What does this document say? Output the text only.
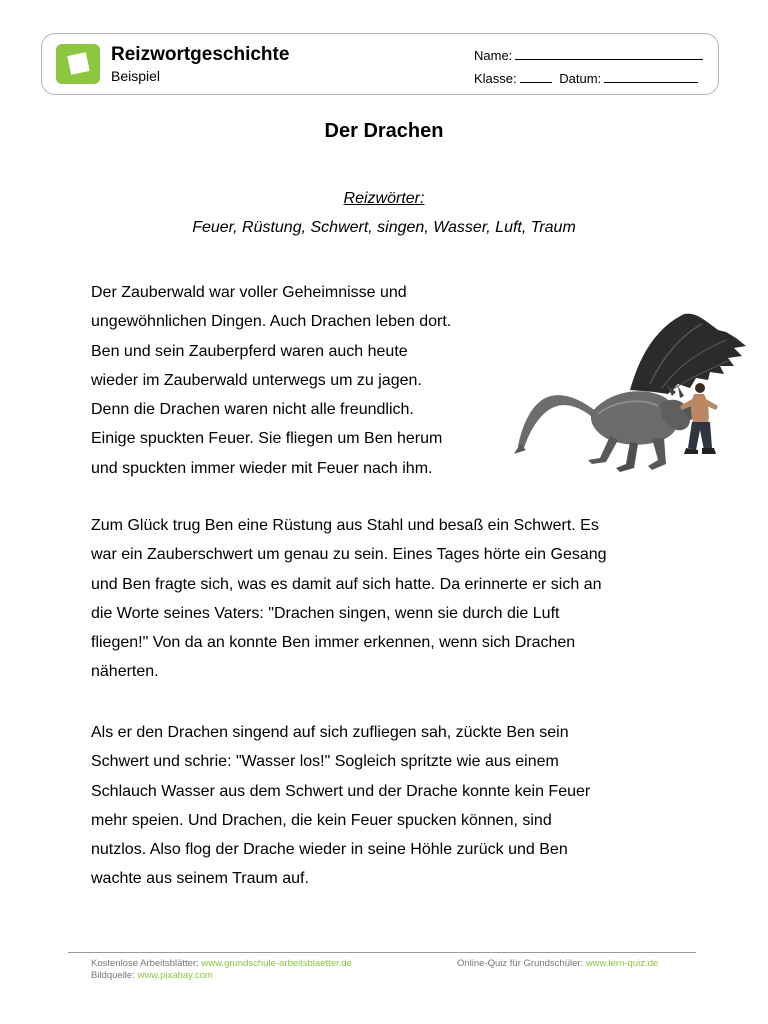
Reizwortgeschichte
Beispiel
Name:
Klasse:	Datum:
Der Drachen
Reizwörter:
Feuer, Rüstung, Schwert, singen, Wasser, Luft, Traum
Der Zauberwald war voller Geheimnisse und
ungewöhnlichen Dingen. Auch Drachen leben dort.
Ben und sein Zauberpferd waren auch heute
wieder im Zauberwald unterwegs um zu jagen.
Denn die Drachen waren nicht alle freundlich.
Einige spuckten Feuer. Sie fliegen um Ben herum
und spuckten immer wieder mit Feuer nach ihm.
Zum Glück trug Ben eine Rüstung aus Stahl und besaß ein Schwert. Es
war ein Zauberschwert um genau zu sein. Eines Tages hörte ein Gesang
und Ben fragte sich, was es damit auf sich hatte. Da erinnerte er sich an
die Worte seines Vaters: "Drachen singen, wenn sie durch die Luft
fliegen!" Von da an konnte Ben immer erkennen, wenn sich Drachen
näherten.
Als er den Drachen singend auf sich zufliegen sah, zückte Ben sein
Schwert und schrie: "Wasser los!" Sogleich spritzte wie aus einem
Schlauch Wasser aus dem Schwert und der Drache konnte kein Feuer
mehr speien. Und Drachen, die kein Feuer spucken können, sind
nutzlos. Also flog der Drache wieder in seine Höhle zurück und Ben
wachte aus seinem Traum auf.
Kostenlose Arbeitsblätter: www.grundschule-arbeitsblaetter.de
Bildquelle: www.pixabay.com
Online-Quiz für Grundschüler: www.lern-quiz.de
